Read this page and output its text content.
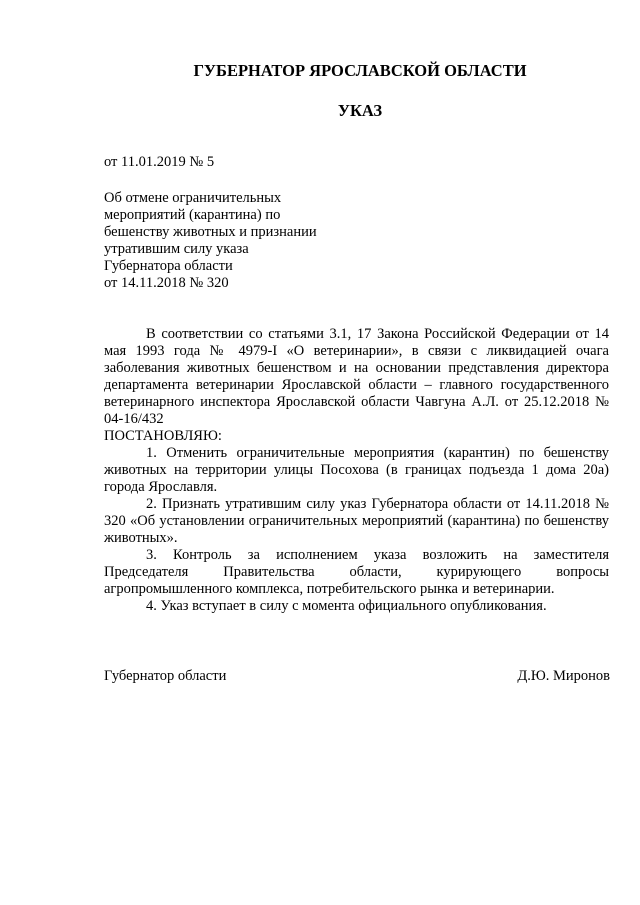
ГУБЕРНАТОР ЯРОСЛАВСКОЙ ОБЛАСТИ
УКАЗ
от 11.01.2019 № 5
Об отмене ограничительных
мероприятий (карантина) по
бешенству животных и признании
утратившим силу указа
Губернатора области
от 14.11.2018 № 320

В соответствии со статьями 3.1, 17 Закона Российской Федерации от 14 мая 1993 года № 4979-I «О ветеринарии», в связи с ликвидацией очага заболевания животных бешенством и на основании представления директора департамента ветеринарии Ярославской области – главного государственного ветеринарного инспектора Ярославской области Чавгуна А.Л. от 25.12.2018 № 04-16/432

ПОСТАНОВЛЯЮ:

1. Отменить ограничительные мероприятия (карантин) по бешенству животных на территории улицы Посохова (в границах подъезда 1 дома 20а) города Ярославля.

2. Признать утратившим силу указ Губернатора области от 14.11.2018 № 320 «Об установлении ограничительных мероприятий (карантина) по бешенству животных».

3. Контроль за исполнением указа возложить на заместителя Председателя Правительства области, курирующего вопросы агропромышленного комплекса, потребительского рынка и ветеринарии.

4. Указ вступает в силу с момента официального опубликования.

Губернатор области	Д.Ю. Миронов
